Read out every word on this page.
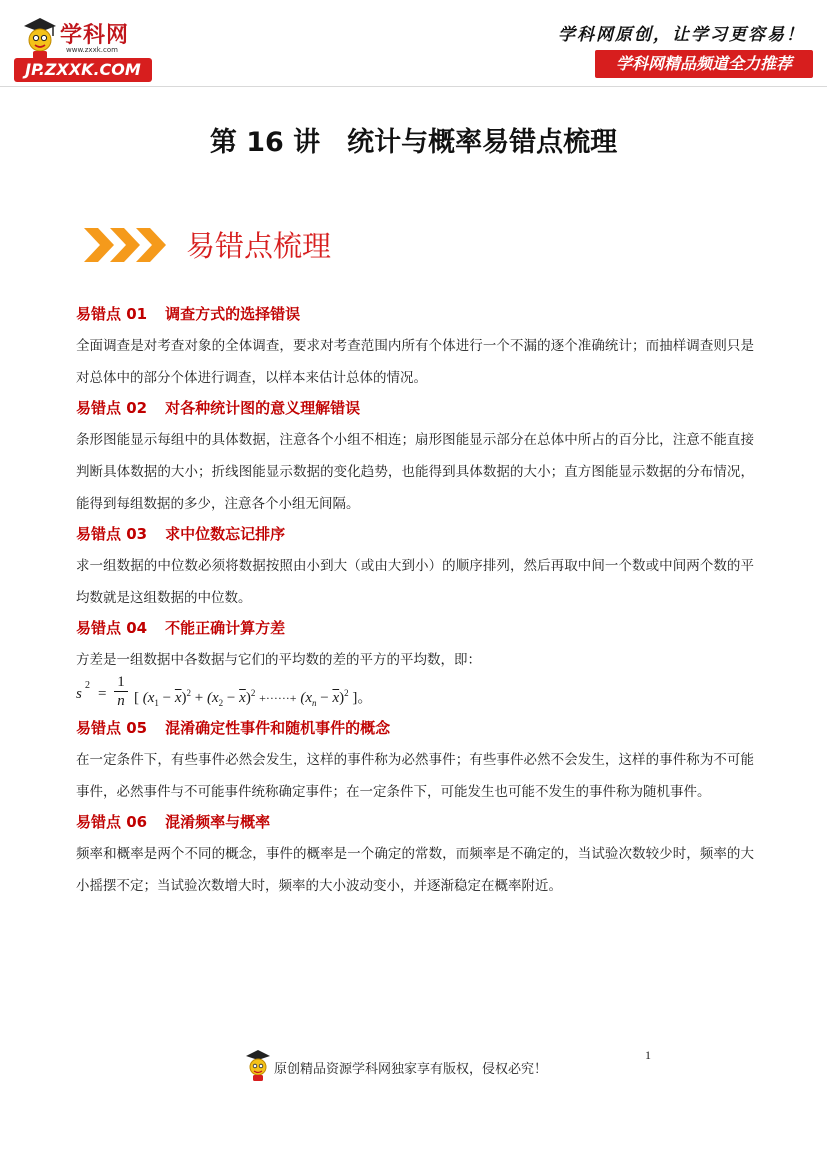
学科网
www.zxxk.com
JP.ZXXK.COM
学科网原创，让学习更容易！
学科网精品频道全力推荐
第 16 讲　统计与概率易错点梳理
易错点梳理
易错点 01 调查方式的选择错误

全面调查是对考查对象的全体调查，要求对考查范围内所有个体进行一个不漏的逐个准确统计；而抽样调查则只是对总体中的部分个体进行调查，以样本来估计总体的情况。

易错点 02 对各种统计图的意义理解错误

条形图能显示每组中的具体数据，注意各个小组不相连；扇形图能显示部分在总体中所占的百分比，注意不能直接判断具体数据的大小；折线图能显示数据的变化趋势，也能得到具体数据的大小；直方图能显示数据的分布情况，能得到每组数据的多少，注意各个小组无间隔。

易错点 03 求中位数忘记排序

求一组数据的中位数必须将数据按照由小到大（或由大到小）的顺序排列，然后再取中间一个数或中间两个数的平均数就是这组数据的中位数。

易错点 04 不能正确计算方差

方差是一组数据中各数据与它们的平均数的差的平方的平均数，即：

s
2
=
1
n [ $(x_1 - \overline{x})^2 + (x_2 - \overline{x})^2$ +······+ $(x_n - \overline{x})^2$ ]。
易错点 05 混淆确定性事件和随机事件的概念

在一定条件下，有些事件必然会发生，这样的事件称为必然事件；有些事件必然不会发生，这样的事件称为不可能事件，必然事件与不可能事件统称确定事件；在一定条件下，可能发生也可能不发生的事件称为随机事件。

易错点 06 混淆频率与概率

频率和概率是两个不同的概念，事件的概率是一个确定的常数，而频率是不确定的，当试验次数较少时，频率的大小摇摆不定；当试验次数增大时，频率的大小波动变小，并逐渐稳定在概率附近。

原创精品资源学科网独家享有版权，侵权必究！
1
